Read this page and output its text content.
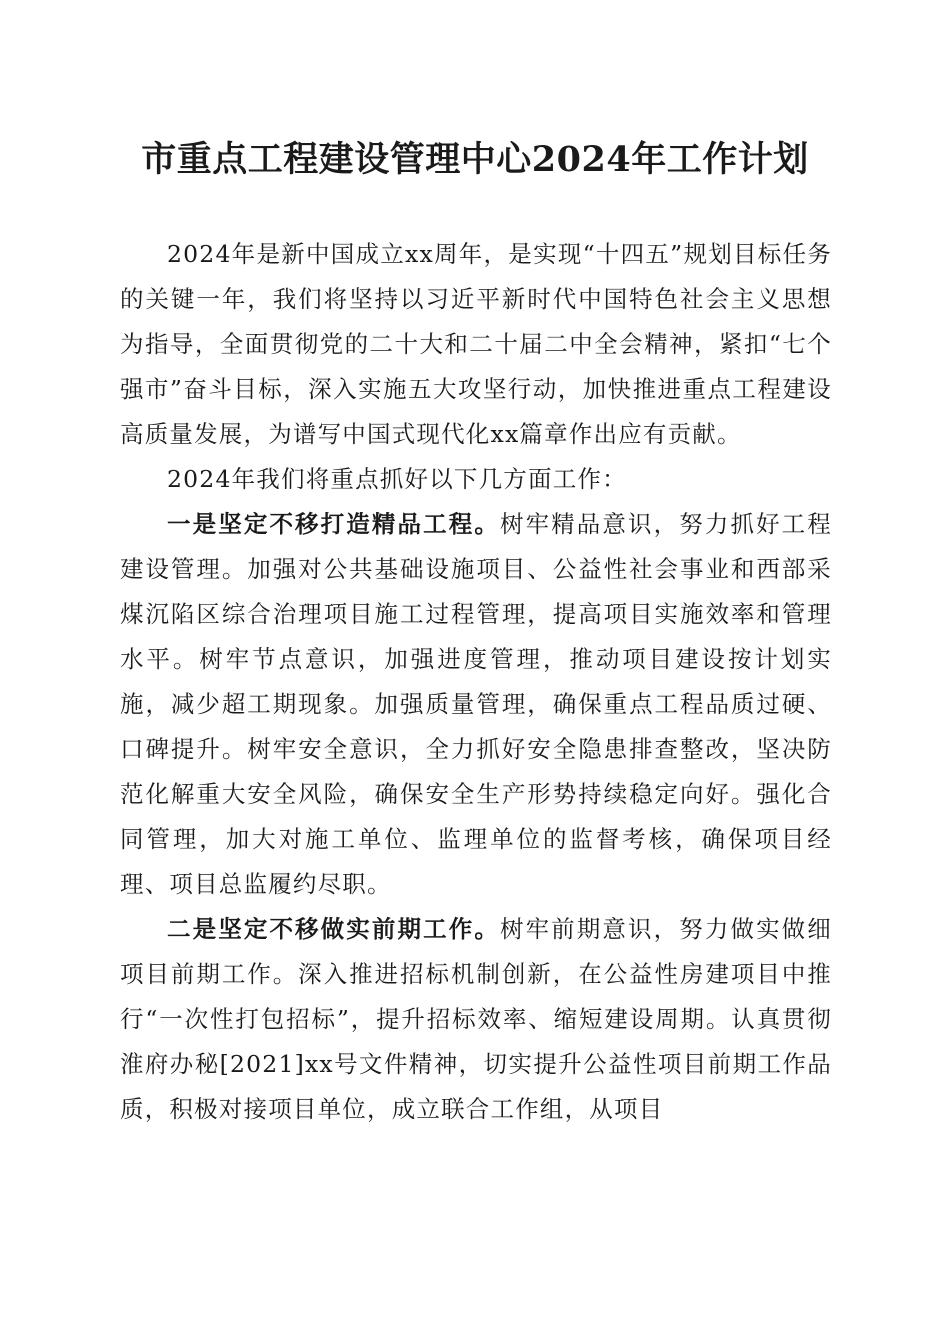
市重点工程建设管理中心2024年工作计划

2024年是新中国成立xx周年，是实现“十四五”规划目标任务的关键一年，我们将坚持以习近平新时代中国特色社会主义思想为指导，全面贯彻党的二十大和二十届二中全会精神，紧扣“七个强市”奋斗目标，深入实施五大攻坚行动，加快推进重点工程建设高质量发展，为谱写中国式现代化xx篇章作出应有贡献。

2024年我们将重点抓好以下几方面工作：

一是坚定不移打造精品工程。树牢精品意识，努力抓好工程建设管理。加强对公共基础设施项目、公益性社会事业和西部采煤沉陷区综合治理项目施工过程管理，提高项目实施效率和管理水平。树牢节点意识，加强进度管理，推动项目建设按计划实施，减少超工期现象。加强质量管理，确保重点工程品质过硬、口碑提升。树牢安全意识，全力抓好安全隐患排查整改，坚决防范化解重大安全风险，确保安全生产形势持续稳定向好。强化合同管理，加大对施工单位、监理单位的监督考核，确保项目经理、项目总监履约尽职。

二是坚定不移做实前期工作。树牢前期意识，努力做实做细项目前期工作。深入推进招标机制创新，在公益性房建项目中推行“一次性打包招标”，提升招标效率、缩短建设周期。认真贯彻淮府办秘[2021]xx号文件精神，切实提升公益性项目前期工作品质，积极对接项目单位，成立联合工作组，从项目
